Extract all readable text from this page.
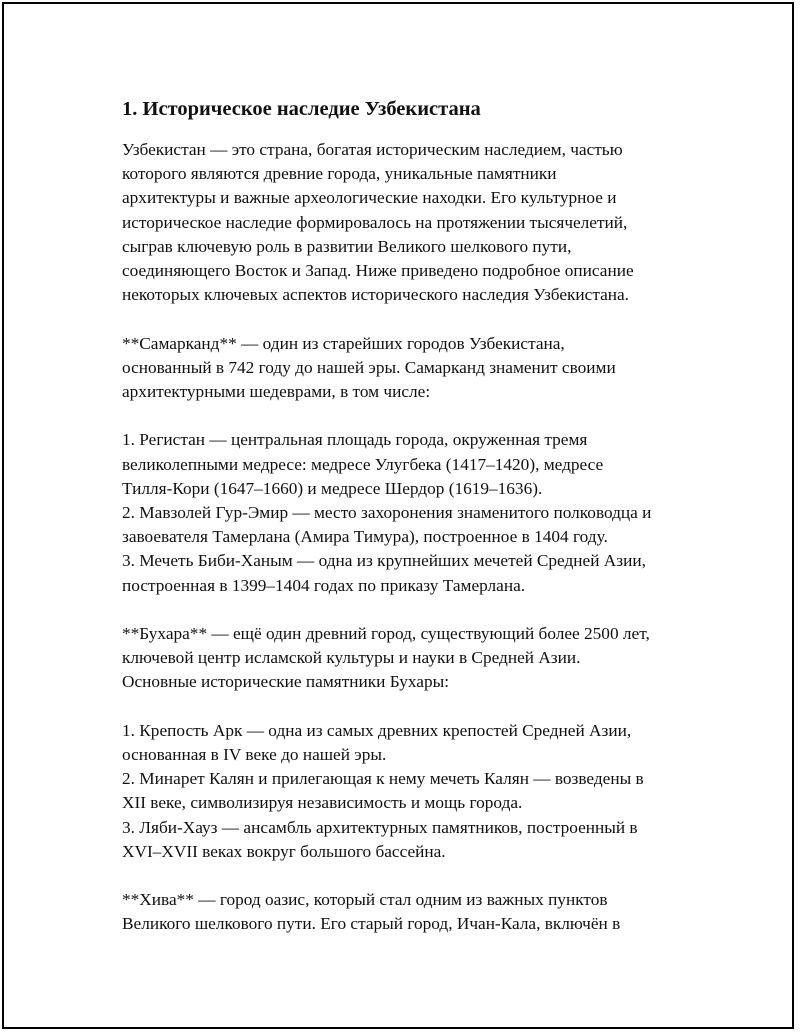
1. Историческое наследие Узбекистана

Узбекистан — это страна, богатая историческим наследием, частью
которого являются древние города, уникальные памятники
архитектуры и важные археологические находки. Его культурное и
историческое наследие формировалось на протяжении тысячелетий,
сыграв ключевую роль в развитии Великого шелкового пути,
соединяющего Восток и Запад. Ниже приведено подробное описание
некоторых ключевых аспектов исторического наследия Узбекистана.

**Самарканд** — один из старейших городов Узбекистана,
основанный в 742 году до нашей эры. Самарканд знаменит своими
архитектурными шедеврами, в том числе:

1. Регистан — центральная площадь города, окруженная тремя
великолепными медресе: медресе Улугбека (1417–1420), медресе
Тилля-Кори (1647–1660) и медресе Шердор (1619–1636).
2. Мавзолей Гур-Эмир — место захоронения знаменитого полководца и
завоевателя Тамерлана (Амира Тимура), построенное в 1404 году.
3. Мечеть Биби-Ханым — одна из крупнейших мечетей Средней Азии,
построенная в 1399–1404 годах по приказу Тамерлана.

**Бухара** — ещё один древний город, существующий более 2500 лет,
ключевой центр исламской культуры и науки в Средней Азии.
Основные исторические памятники Бухары:

1. Крепость Арк — одна из самых древних крепостей Средней Азии,
основанная в IV веке до нашей эры.
2. Минарет Калян и прилегающая к нему мечеть Калян — возведены в
XII веке, символизируя независимость и мощь города.
3. Ляби-Хауз — ансамбль архитектурных памятников, построенный в
XVI–XVII веках вокруг большого бассейна.

**Хива** — город оазис, который стал одним из важных пунктов
Великого шелкового пути. Его старый город, Ичан-Кала, включён в
